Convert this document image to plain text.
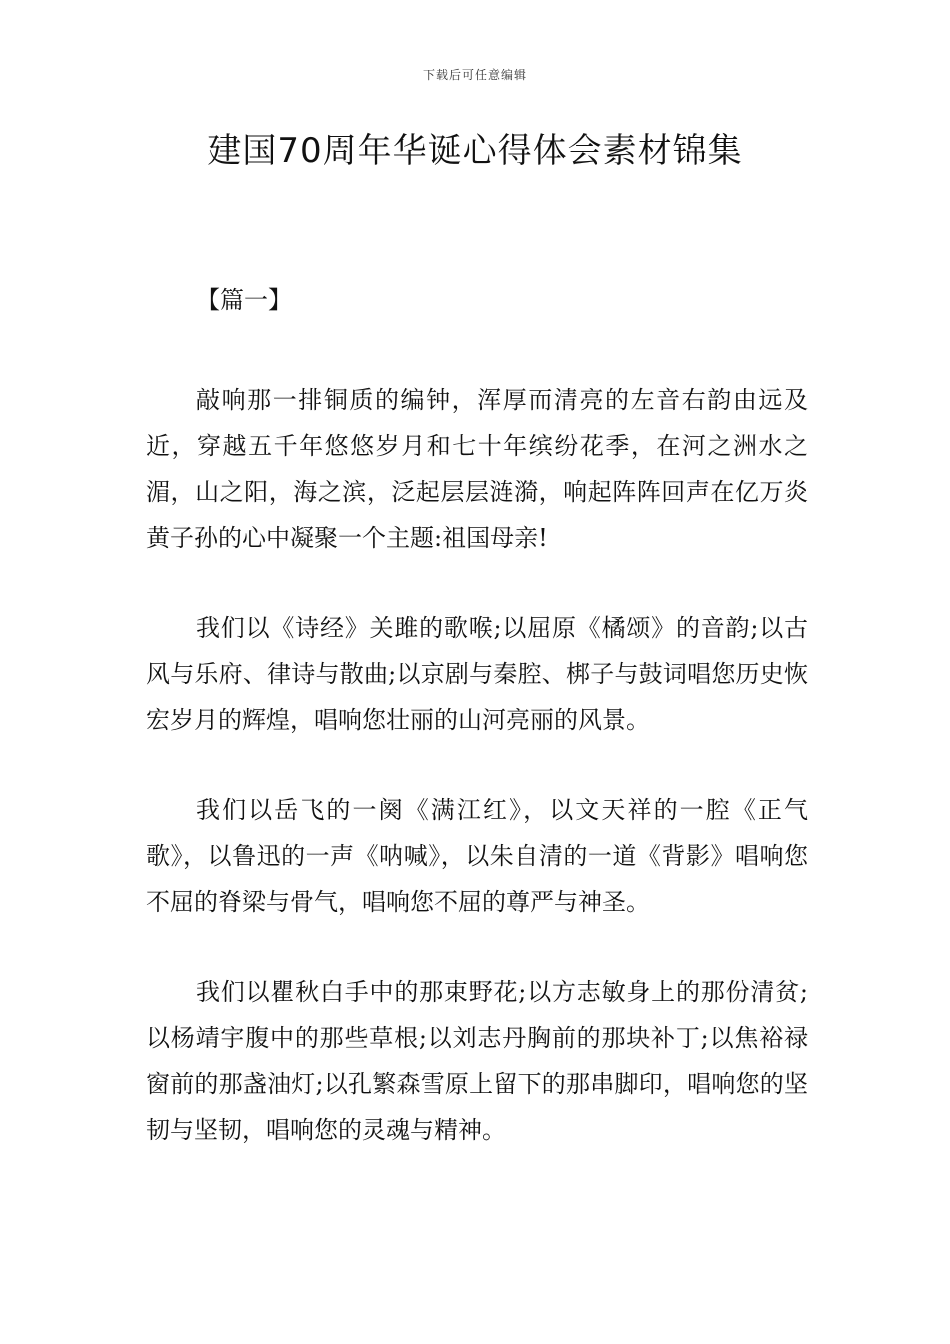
下载后可任意编辑
建国70周年华诞心得体会素材锦集
【篇一】

敲响那一排铜质的编钟，浑厚而清亮的左音右韵由远及近，穿越五千年悠悠岁月和七十年缤纷花季，在河之洲水之湄，山之阳，海之滨，泛起层层涟漪，响起阵阵回声在亿万炎黄子孙的心中凝聚一个主题:祖国母亲!

我们以《诗经》关雎的歌喉;以屈原《橘颂》的音韵;以古风与乐府、律诗与散曲;以京剧与秦腔、梆子与鼓词唱您历史恢宏岁月的辉煌，唱响您壮丽的山河亮丽的风景。

我们以岳飞的一阕《满江红》，以文天祥的一腔《正气歌》，以鲁迅的一声《呐喊》，以朱自清的一道《背影》唱响您不屈的脊梁与骨气，唱响您不屈的尊严与神圣。

我们以瞿秋白手中的那束野花;以方志敏身上的那份清贫;以杨靖宇腹中的那些草根;以刘志丹胸前的那块补丁;以焦裕禄窗前的那盏油灯;以孔繁森雪原上留下的那串脚印，唱响您的坚韧与坚韧，唱响您的灵魂与精神。
